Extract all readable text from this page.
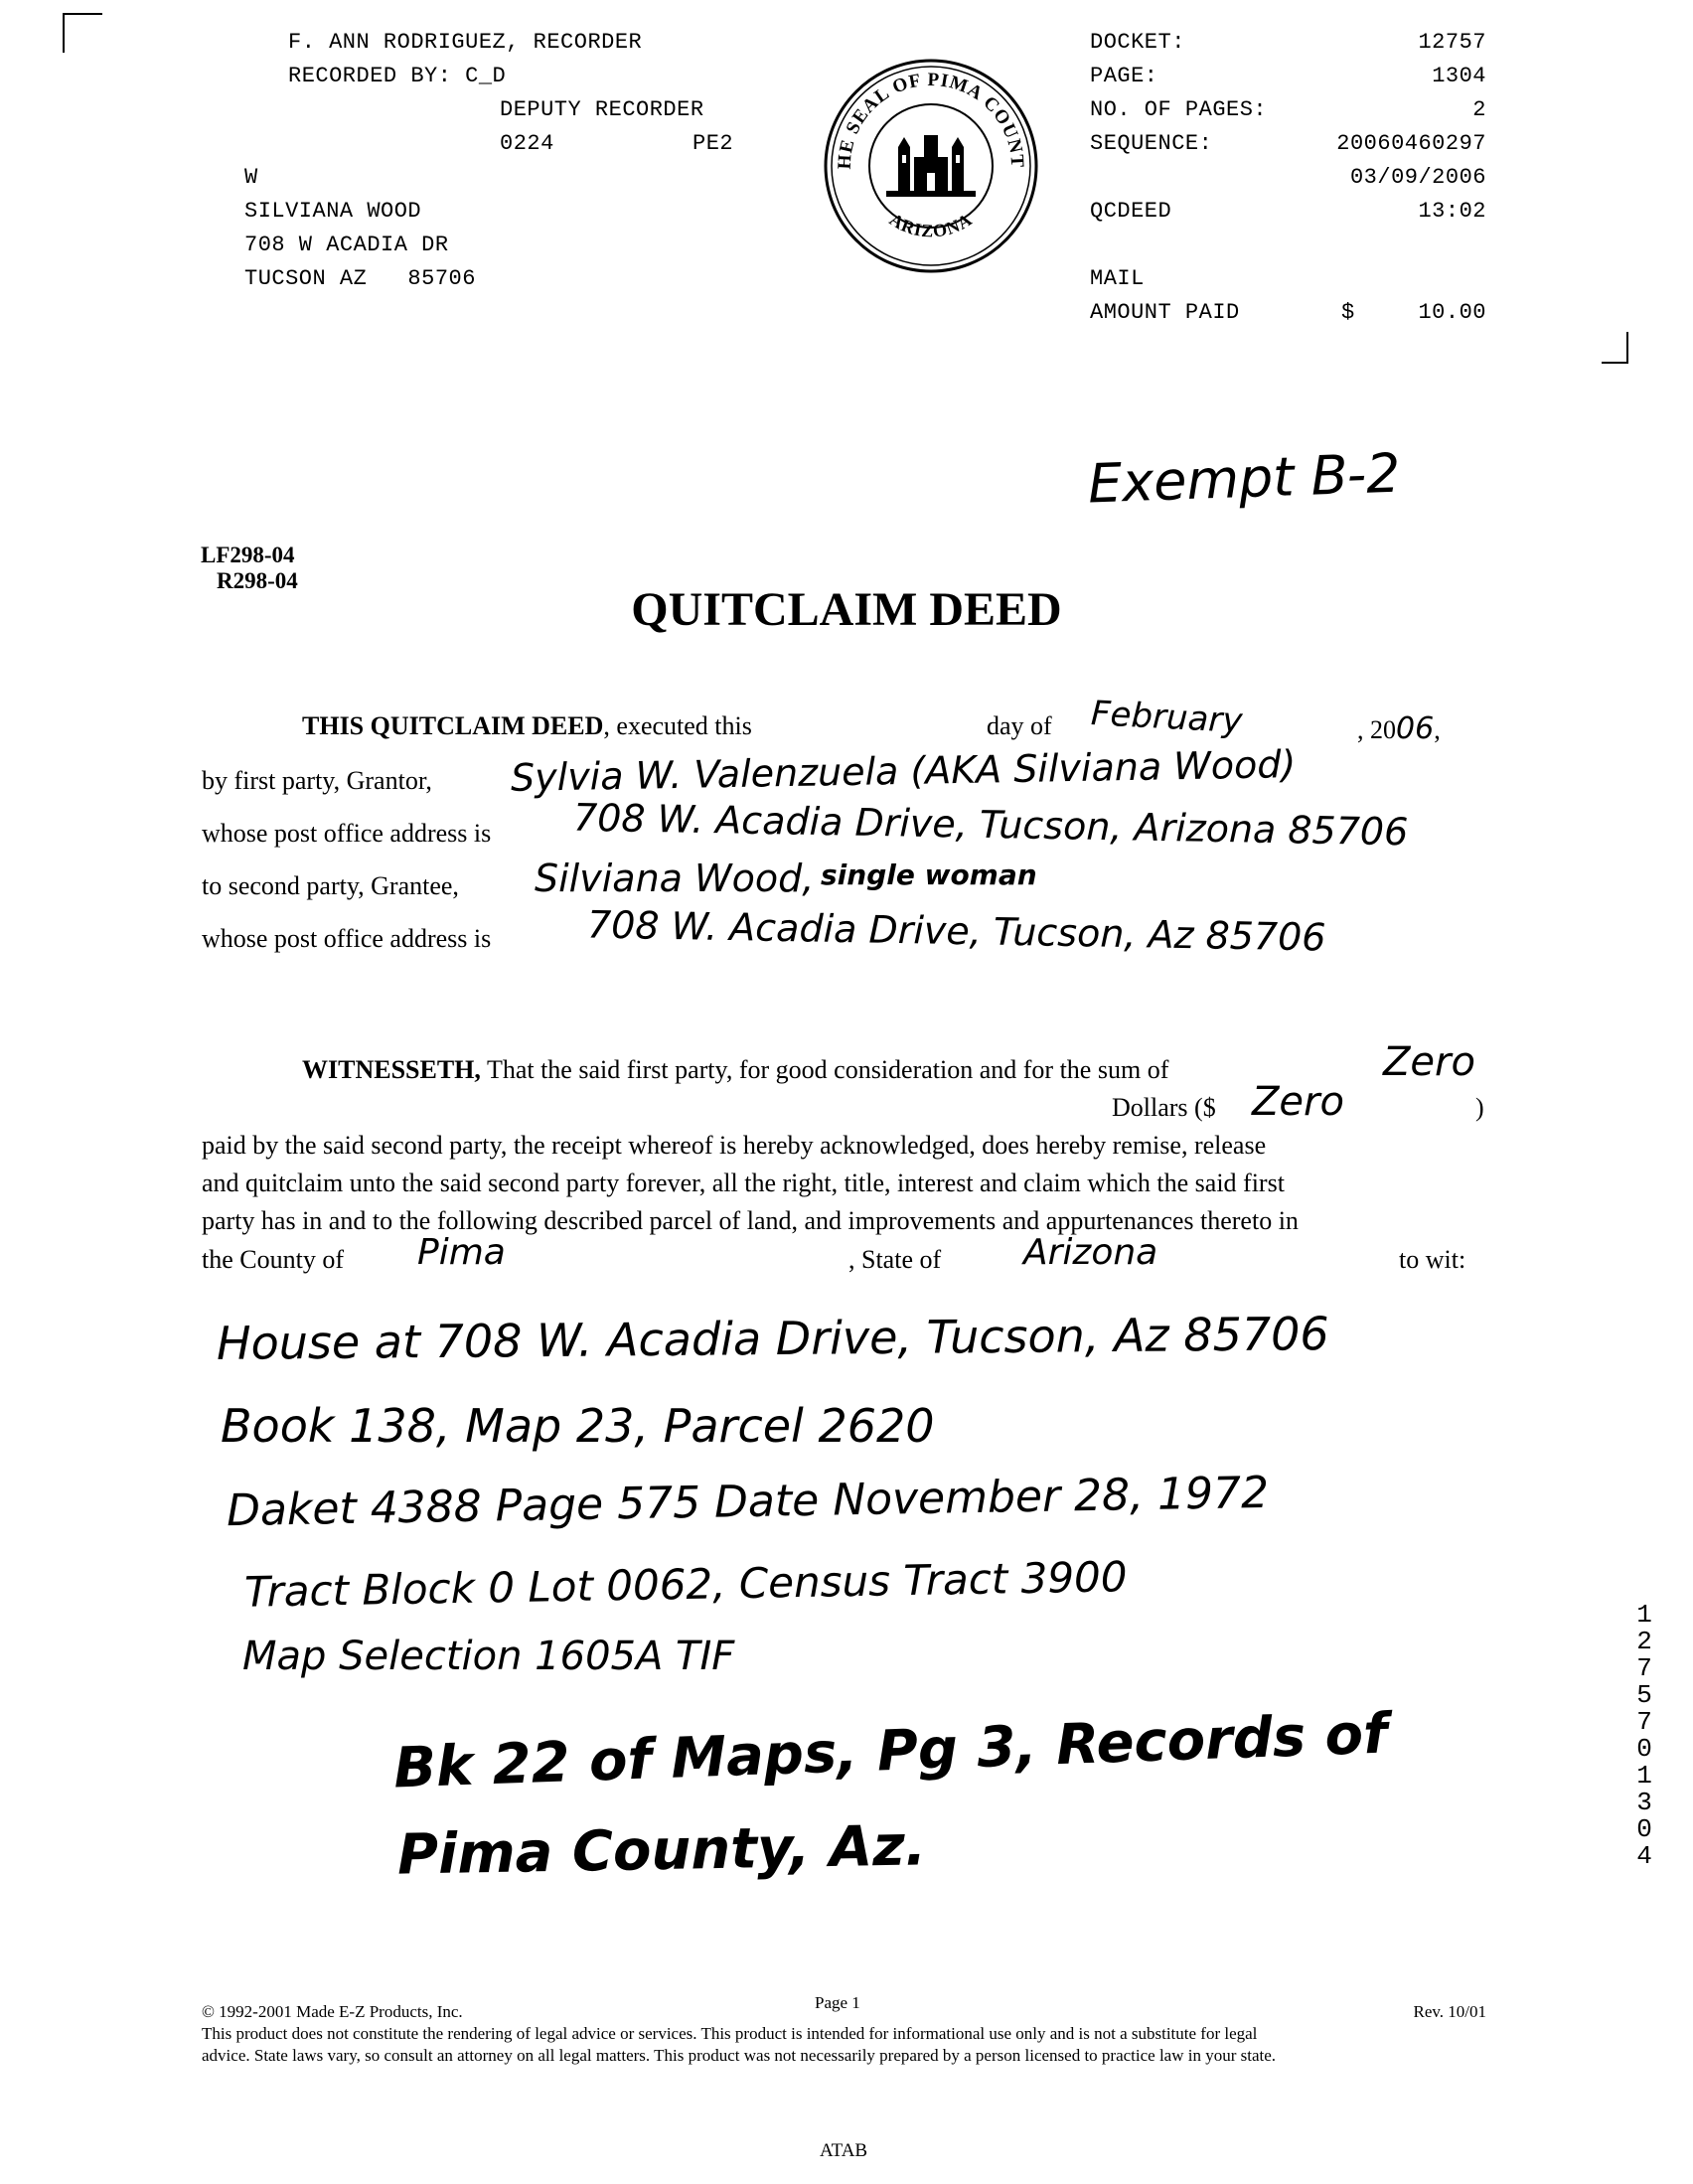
F. ANN RODRIGUEZ, RECORDER
RECORDED BY: C_D
DEPUTY RECORDER
0224	PE2
W
SILVIANA WOOD
708 W ACADIA DR
TUCSON AZ   85706
HE SEAL OF PIMA COUNT
ARIZONA
DOCKET:	12757
PAGE:	1304
NO. OF PAGES:	2
SEQUENCE:	20060460297
03/09/2006
QCDEED	13:02
MAIL
AMOUNT PAID	$	10.00
Exempt B-2
LF298-04
R298-04
QUITCLAIM DEED
THIS QUITCLAIM DEED, executed this	day of February	, 2006,
by first party, Grantor, Sylvia W. Valenzuela (AKA Silviana Wood)
whose post office address is 708 W. Acadia Drive, Tucson, Arizona 85706
to second party, Grantee, Silviana Wood, single woman
whose post office address is	708 W. Acadia Drive, Tucson, Az 85706
WITNESSETH, That the said first party, for good consideration and for the sum of	Zero
Dollars ($ Zero	)
paid by the said second party, the receipt whereof is hereby acknowledged, does hereby remise, release
and quitclaim unto the said second party forever, all the right, title, interest and claim which the said first
party has in and to the following described parcel of land, and improvements and appurtenances thereto in
the County of Pima	, State of Arizona	to wit:
House at 708 W. Acadia Drive, Tucson, Az 85706
Book 138, Map 23, Parcel 2620
Daket 4388 Page 575 Date November 28, 1972
Tract Block 0 Lot 0062, Census Tract 3900
Map Selection 1605A TIF
Bk 22 of Maps, Pg 3, Records of
Pima County, Az.
12757 01304
Page 1
© 1992-2001 Made E-Z Products, Inc.	Rev. 10/01
This product does not constitute the rendering of legal advice or services. This product is intended for informational use only and is not a substitute for legal
advice. State laws vary, so consult an attorney on all legal matters. This product was not necessarily prepared by a person licensed to practice law in your state.
ATAB
